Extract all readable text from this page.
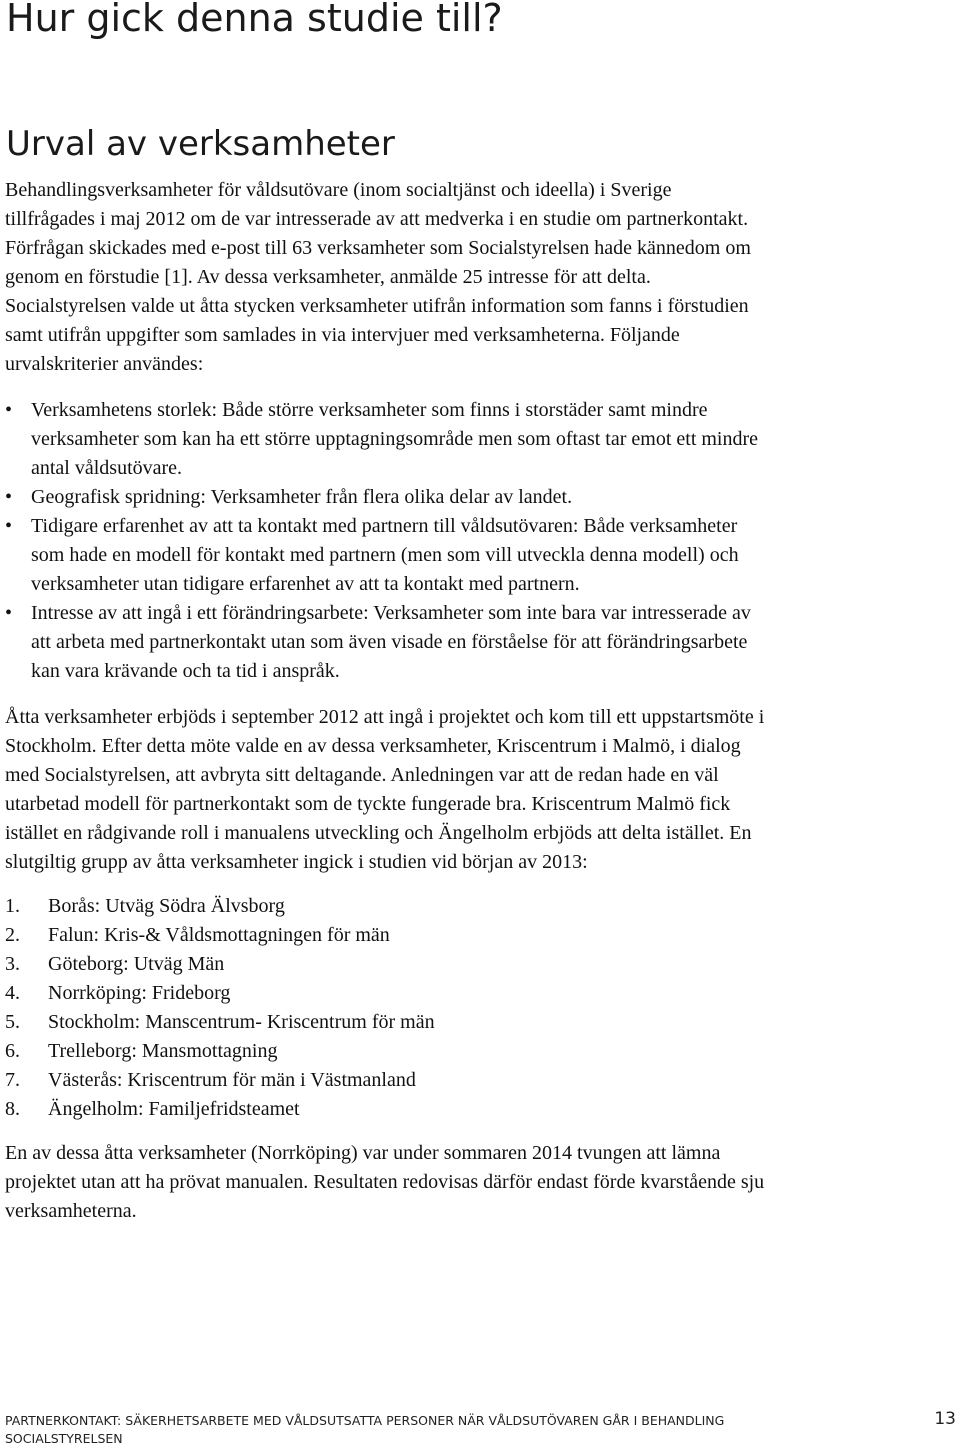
Hur gick denna studie till?
Urval av verksamheter

Behandlingsverksamheter för våldsutövare (inom socialtjänst och ideella) i Sverige tillfrågades i maj 2012 om de var intresserade av att medverka i en studie om partnerkontakt. Förfrågan skickades med e-post till 63 verksamheter som Socialstyrelsen hade kännedom om genom en förstudie [1]. Av dessa verksamheter, anmälde 25 intresse för att delta. Socialstyrelsen valde ut åtta stycken verksamheter utifrån information som fanns i förstudien samt utifrån uppgifter som samlades in via intervjuer med verksamheterna. Följande urvalskriterier användes:

• Verksamhetens storlek: Både större verksamheter som finns i storstäder samt mindre verksamheter som kan ha ett större upptagningsområde men som oftast tar emot ett mindre antal våldsutövare.
• Geografisk spridning: Verksamheter från flera olika delar av landet.
• Tidigare erfarenhet av att ta kontakt med partnern till våldsutövaren: Både verksamheter som hade en modell för kontakt med partnern (men som vill utveckla denna modell) och verksamheter utan tidigare erfarenhet av att ta kontakt med partnern.
• Intresse av att ingå i ett förändringsarbete: Verksamheter som inte bara var intresserade av att arbeta med partnerkontakt utan som även visade en förståelse för att förändringsarbete kan vara krävande och ta tid i anspråk.

Åtta verksamheter erbjöds i september 2012 att ingå i projektet och kom till ett uppstartsmöte i Stockholm. Efter detta möte valde en av dessa verksamheter, Kriscentrum i Malmö, i dialog med Socialstyrelsen, att avbryta sitt deltagande. Anledningen var att de redan hade en väl utarbetad modell för partnerkontakt som de tyckte fungerade bra. Kriscentrum Malmö fick istället en rådgivande roll i manualens utveckling och Ängelholm erbjöds att delta istället. En slutgiltig grupp av åtta verksamheter ingick i studien vid början av 2013:

1.	Borås: Utväg Södra Älvsborg
2.	Falun: Kris-& Våldsmottagningen för män
3.	Göteborg: Utväg Män
4.	Norrköping: Frideborg
5.	Stockholm: Manscentrum- Kriscentrum för män
6.	Trelleborg: Mansmottagning
7.	Västerås: Kriscentrum för män i Västmanland
8.	Ängelholm: Familjefridsteamet

En av dessa åtta verksamheter (Norrköping) var under sommaren 2014 tvungen att lämna projektet utan att ha prövat manualen. Resultaten redovisas därför endast förde kvarstående sju verksamheterna.

PARTNERKONTAKT: SÄKERHETSARBETE MED VÅLDSUTSATTA PERSONER NÄR VÅLDSUTÖVAREN GÅR I BEHANDLING SOCIALSTYRELSEN
13
